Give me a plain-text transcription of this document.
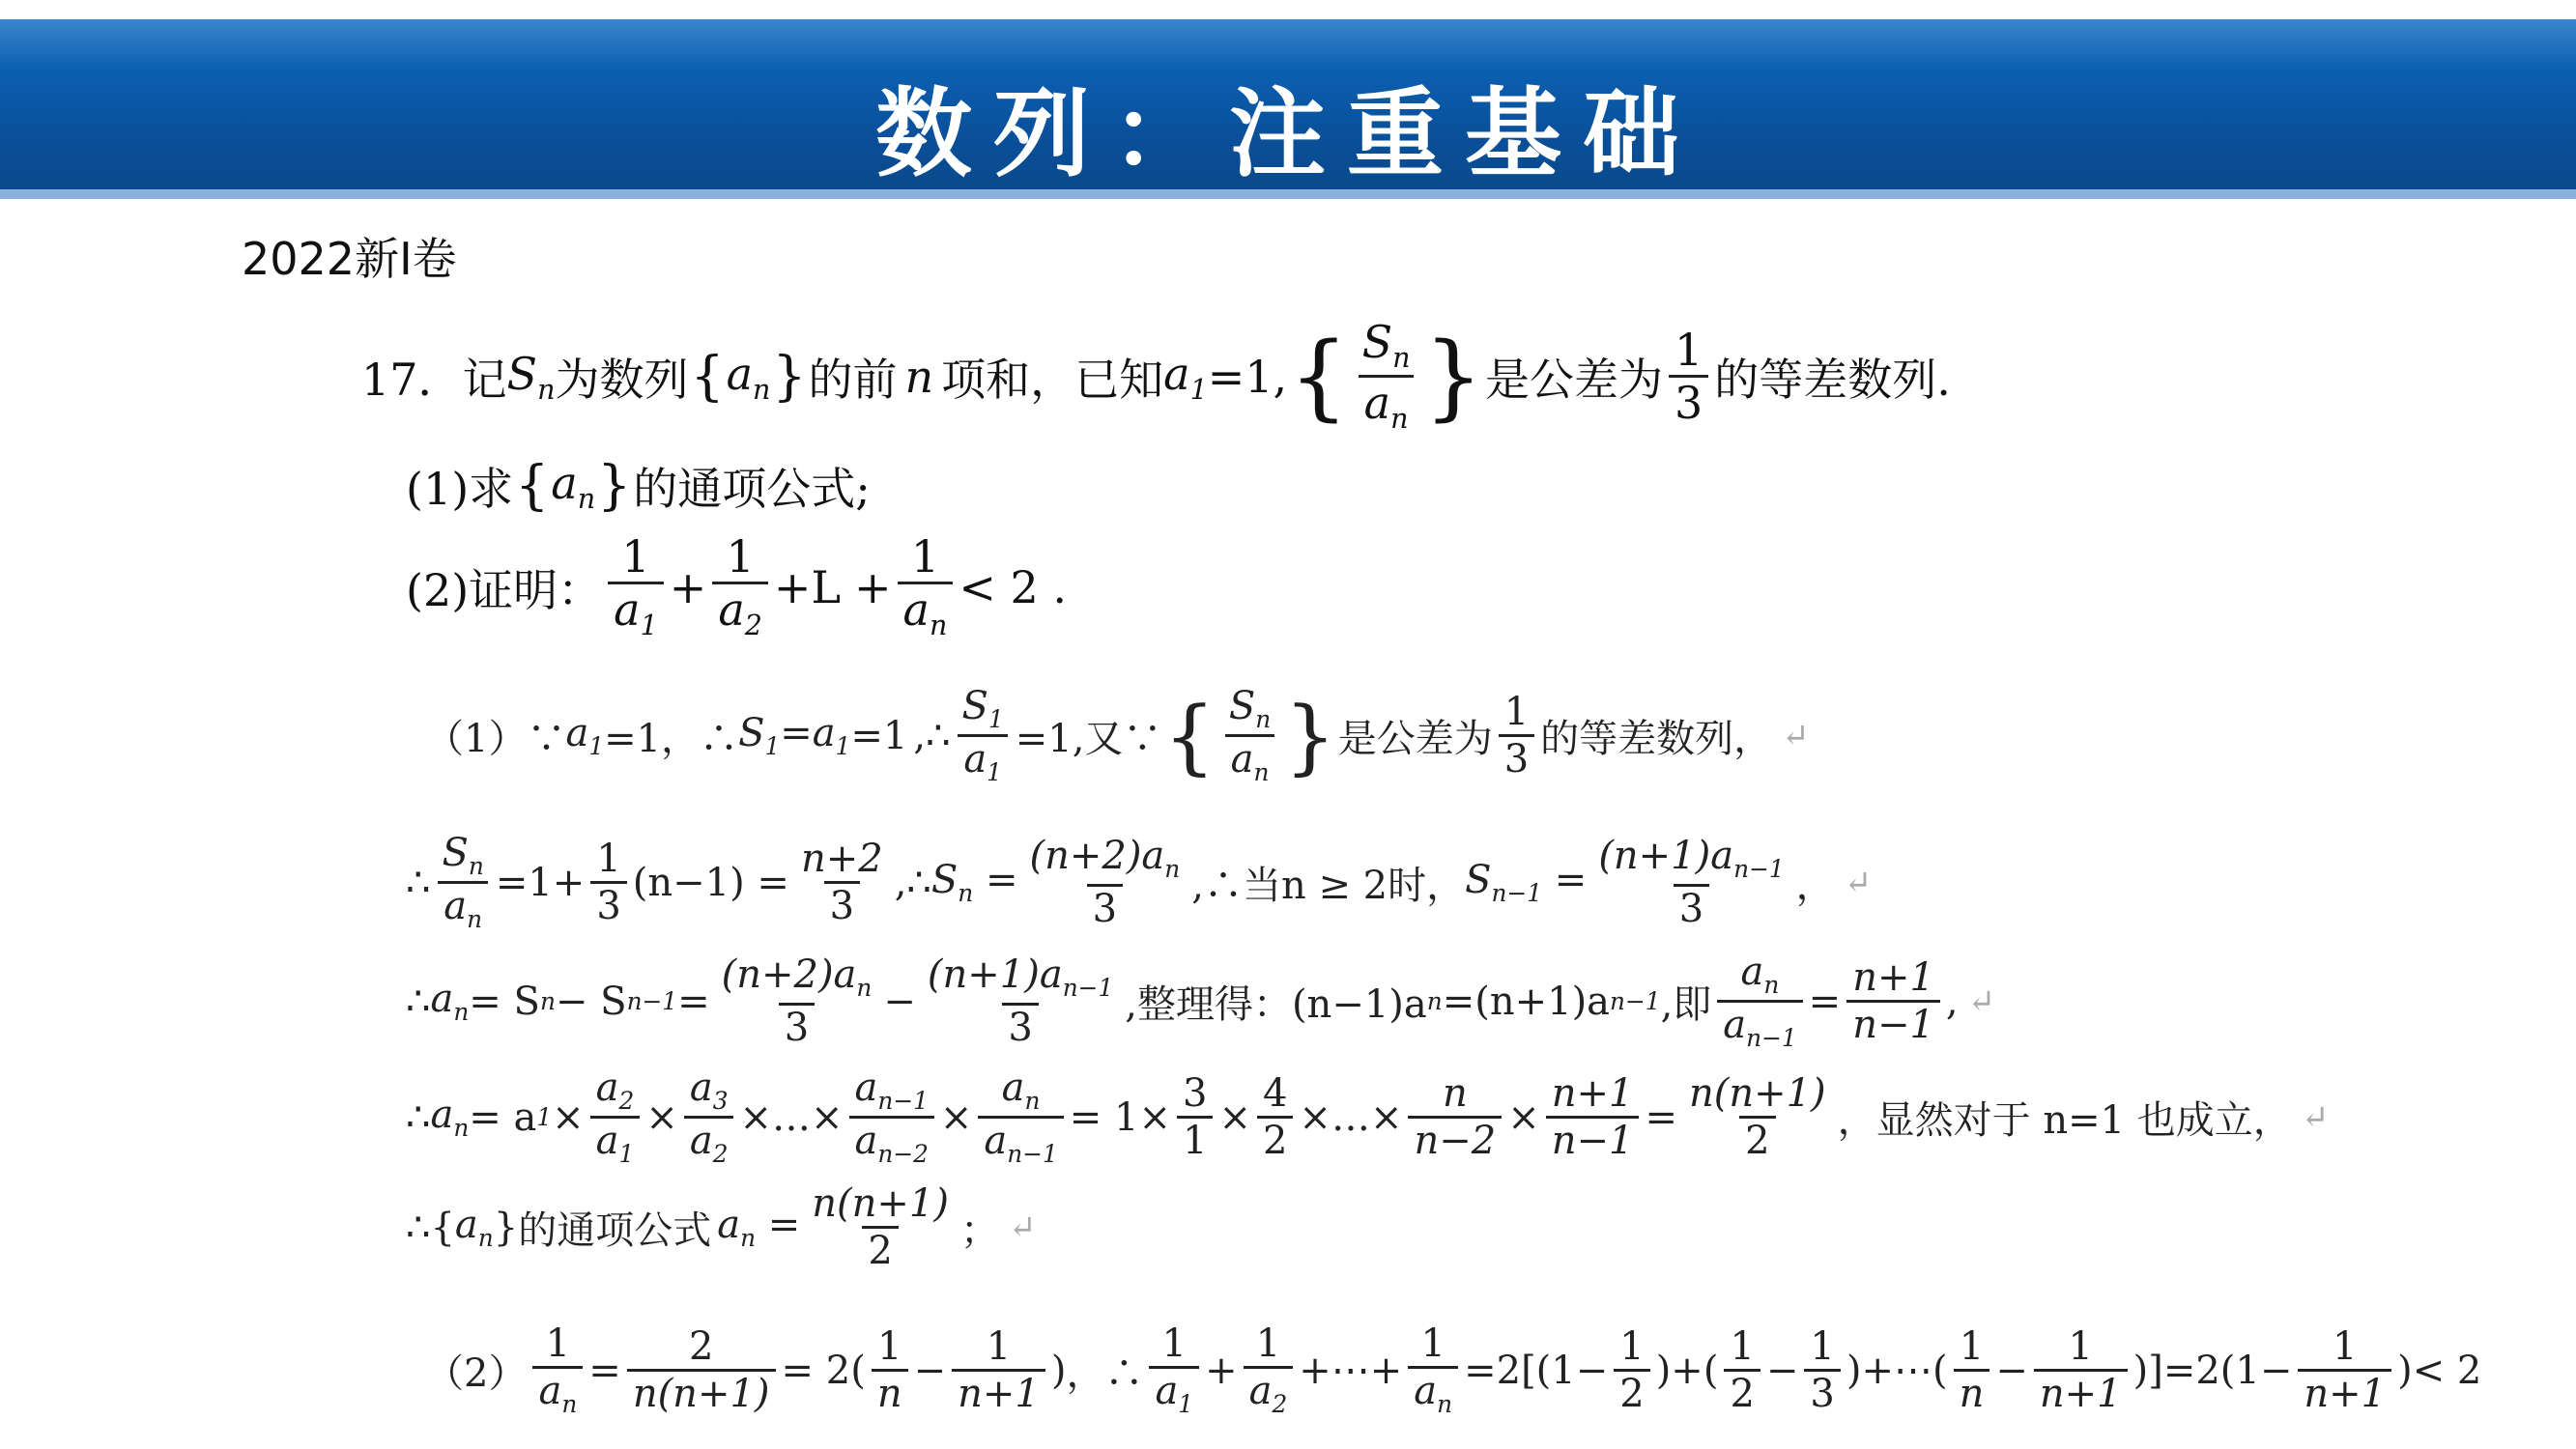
数列：注重基础
2022新Ⅰ卷
17． 记 $S_n$ 为数列 { $a_n$ } 的前 n 项和，已知 $a_1 =1$, { $\frac{S_n}{a_n}$ } 是公差为 $\frac{1}{3}$ 的等差数列.
(1)求 { $a_n$ } 的通项公式;
(2)证明： $\frac{1}{a_1} + \frac{1}{a_2} +L + \frac{1}{a_n} < 2$ .
（1）∵ $a_1 =1$，∴ $S_1=a_1 =1$ ,∴ $\frac{S_1}{a_1} =1$,又∵ { $\frac{S_n}{a_n}$ } 是公差为 $\frac{1}{3}$ 的等差数列， ↵
∴ $\frac{S_n}{a_n} =1+ \frac{1}{3} (n-1) = \frac{n+2}{3}$ ,∴ $S_n = \frac{(n+2)a_n}{3}$ ,∴当n ≥ 2时， $S_{n-1} = \frac{(n+1)a_{n-1}}{3}$ ， ↵
∴ $a_n = S$ n − S $n-1 = \frac{(n+2)a_n}{3} - \frac{(n+1)a_{n-1}}{3}$ ,整理得：(n−1)a n =(n+1)a n−1 ,即 $\frac{a_n}{a_{n-1}} = \frac{n+1}{n-1}$ , ↵
∴ $a_n = a$ $1 \times \frac{a_2}{a_1} \times \frac{a_3}{a_2}$ ×…× $\frac{a_{n-1}}{a_{n-2}} \times \frac{a_n}{a_{n-1}} = 1\times \frac{3}{1} \times \frac{4}{2}$ ×…× $\frac{n}{n-2} \times \frac{n+1}{n-1} = \frac{n(n+1)}{2}$ ，显然对于 n=1 也成立， ↵
∴{ $a_n$ } 的通项公式 $a_n = \frac{n(n+1)}{2}$ ； ↵
$(2) \frac{1}{a_n} = \frac{2}{n(n+1)} = 2$ ( $\frac{1}{n} - \frac{1}{n+1}$ ) ，∴ $\frac{1}{a_1} + \frac{1}{a_2}$ +⋯+ $\frac{1}{a_n} =2[(1- \frac{1}{2}$ )+( $\frac{1}{2} - \frac{1}{3}$ )+⋯( $\frac{1}{n} - \frac{1}{n+1} )]=2(1- \frac{1}{n+1}$ ) < 2
